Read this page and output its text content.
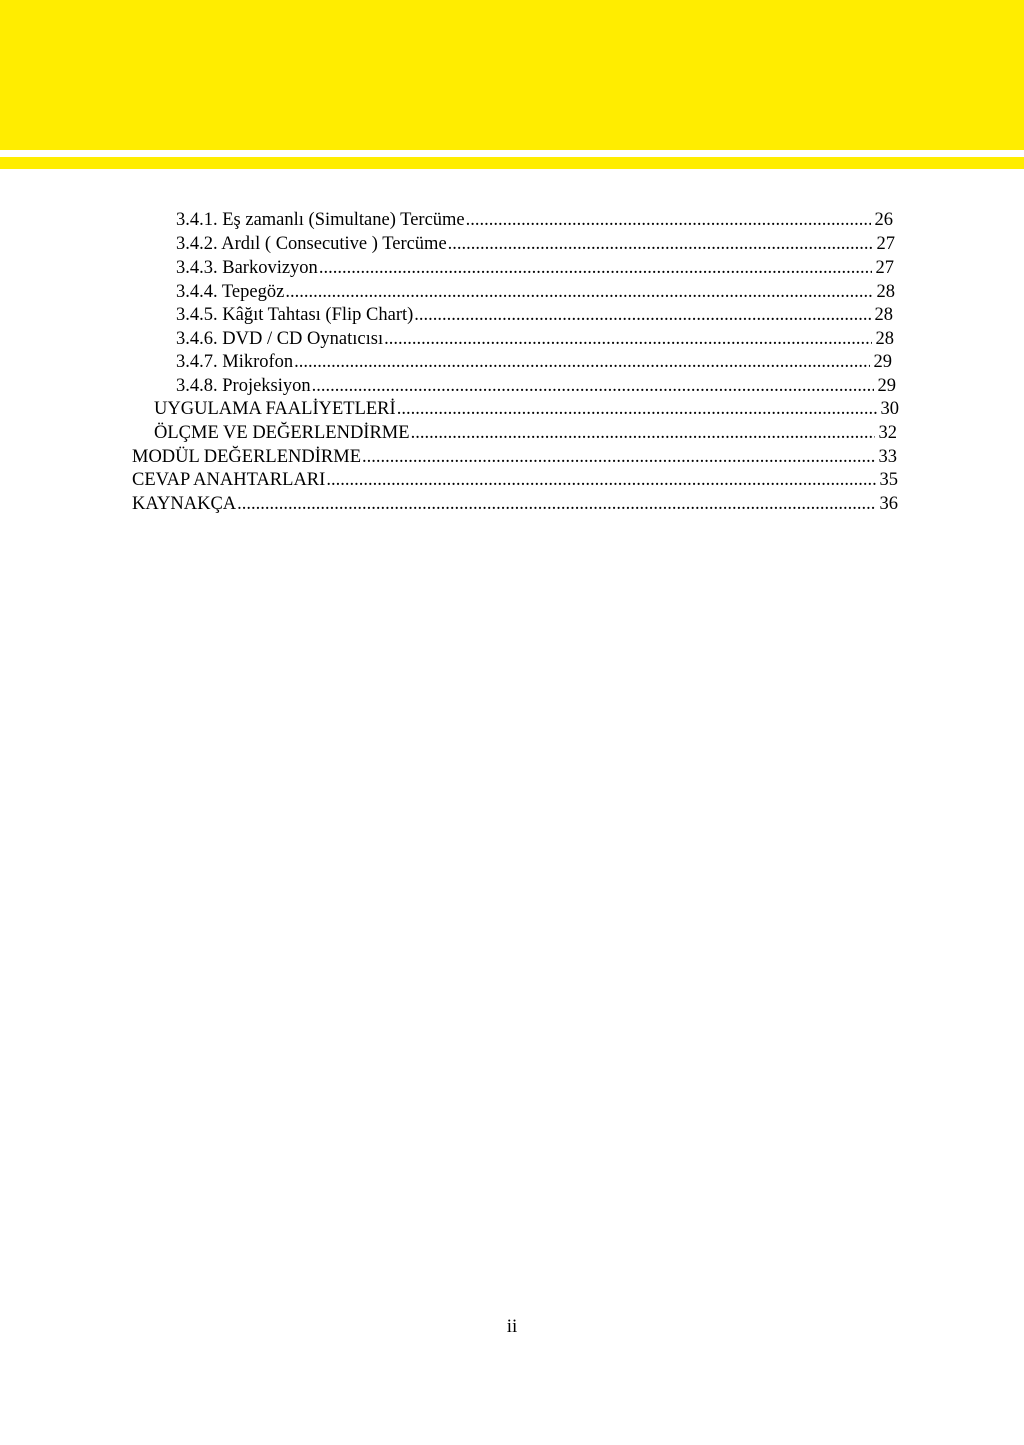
3.4.1. Eş zamanlı (Simultane) Tercüme .....	26
3.4.2. Ardıl ( Consecutive ) Tercüme .....	27
3.4.3. Barkovizyon .....	27
3.4.4. Tepegöz .....	28
3.4.5. Kâğıt Tahtası (Flip Chart) .....	28
3.4.6. DVD / CD Oynatıcısı .....	28
3.4.7. Mikrofon .....	29
3.4.8. Projeksiyon .....	29
UYGULAMA FAALİYETLERİ .....	30
ÖLÇME VE DEĞERLENDİRME .....	32
MODÜL DEĞERLENDİRME .....	33
CEVAP ANAHTARLARI .....	35
KAYNAKÇA .....	36
ii
